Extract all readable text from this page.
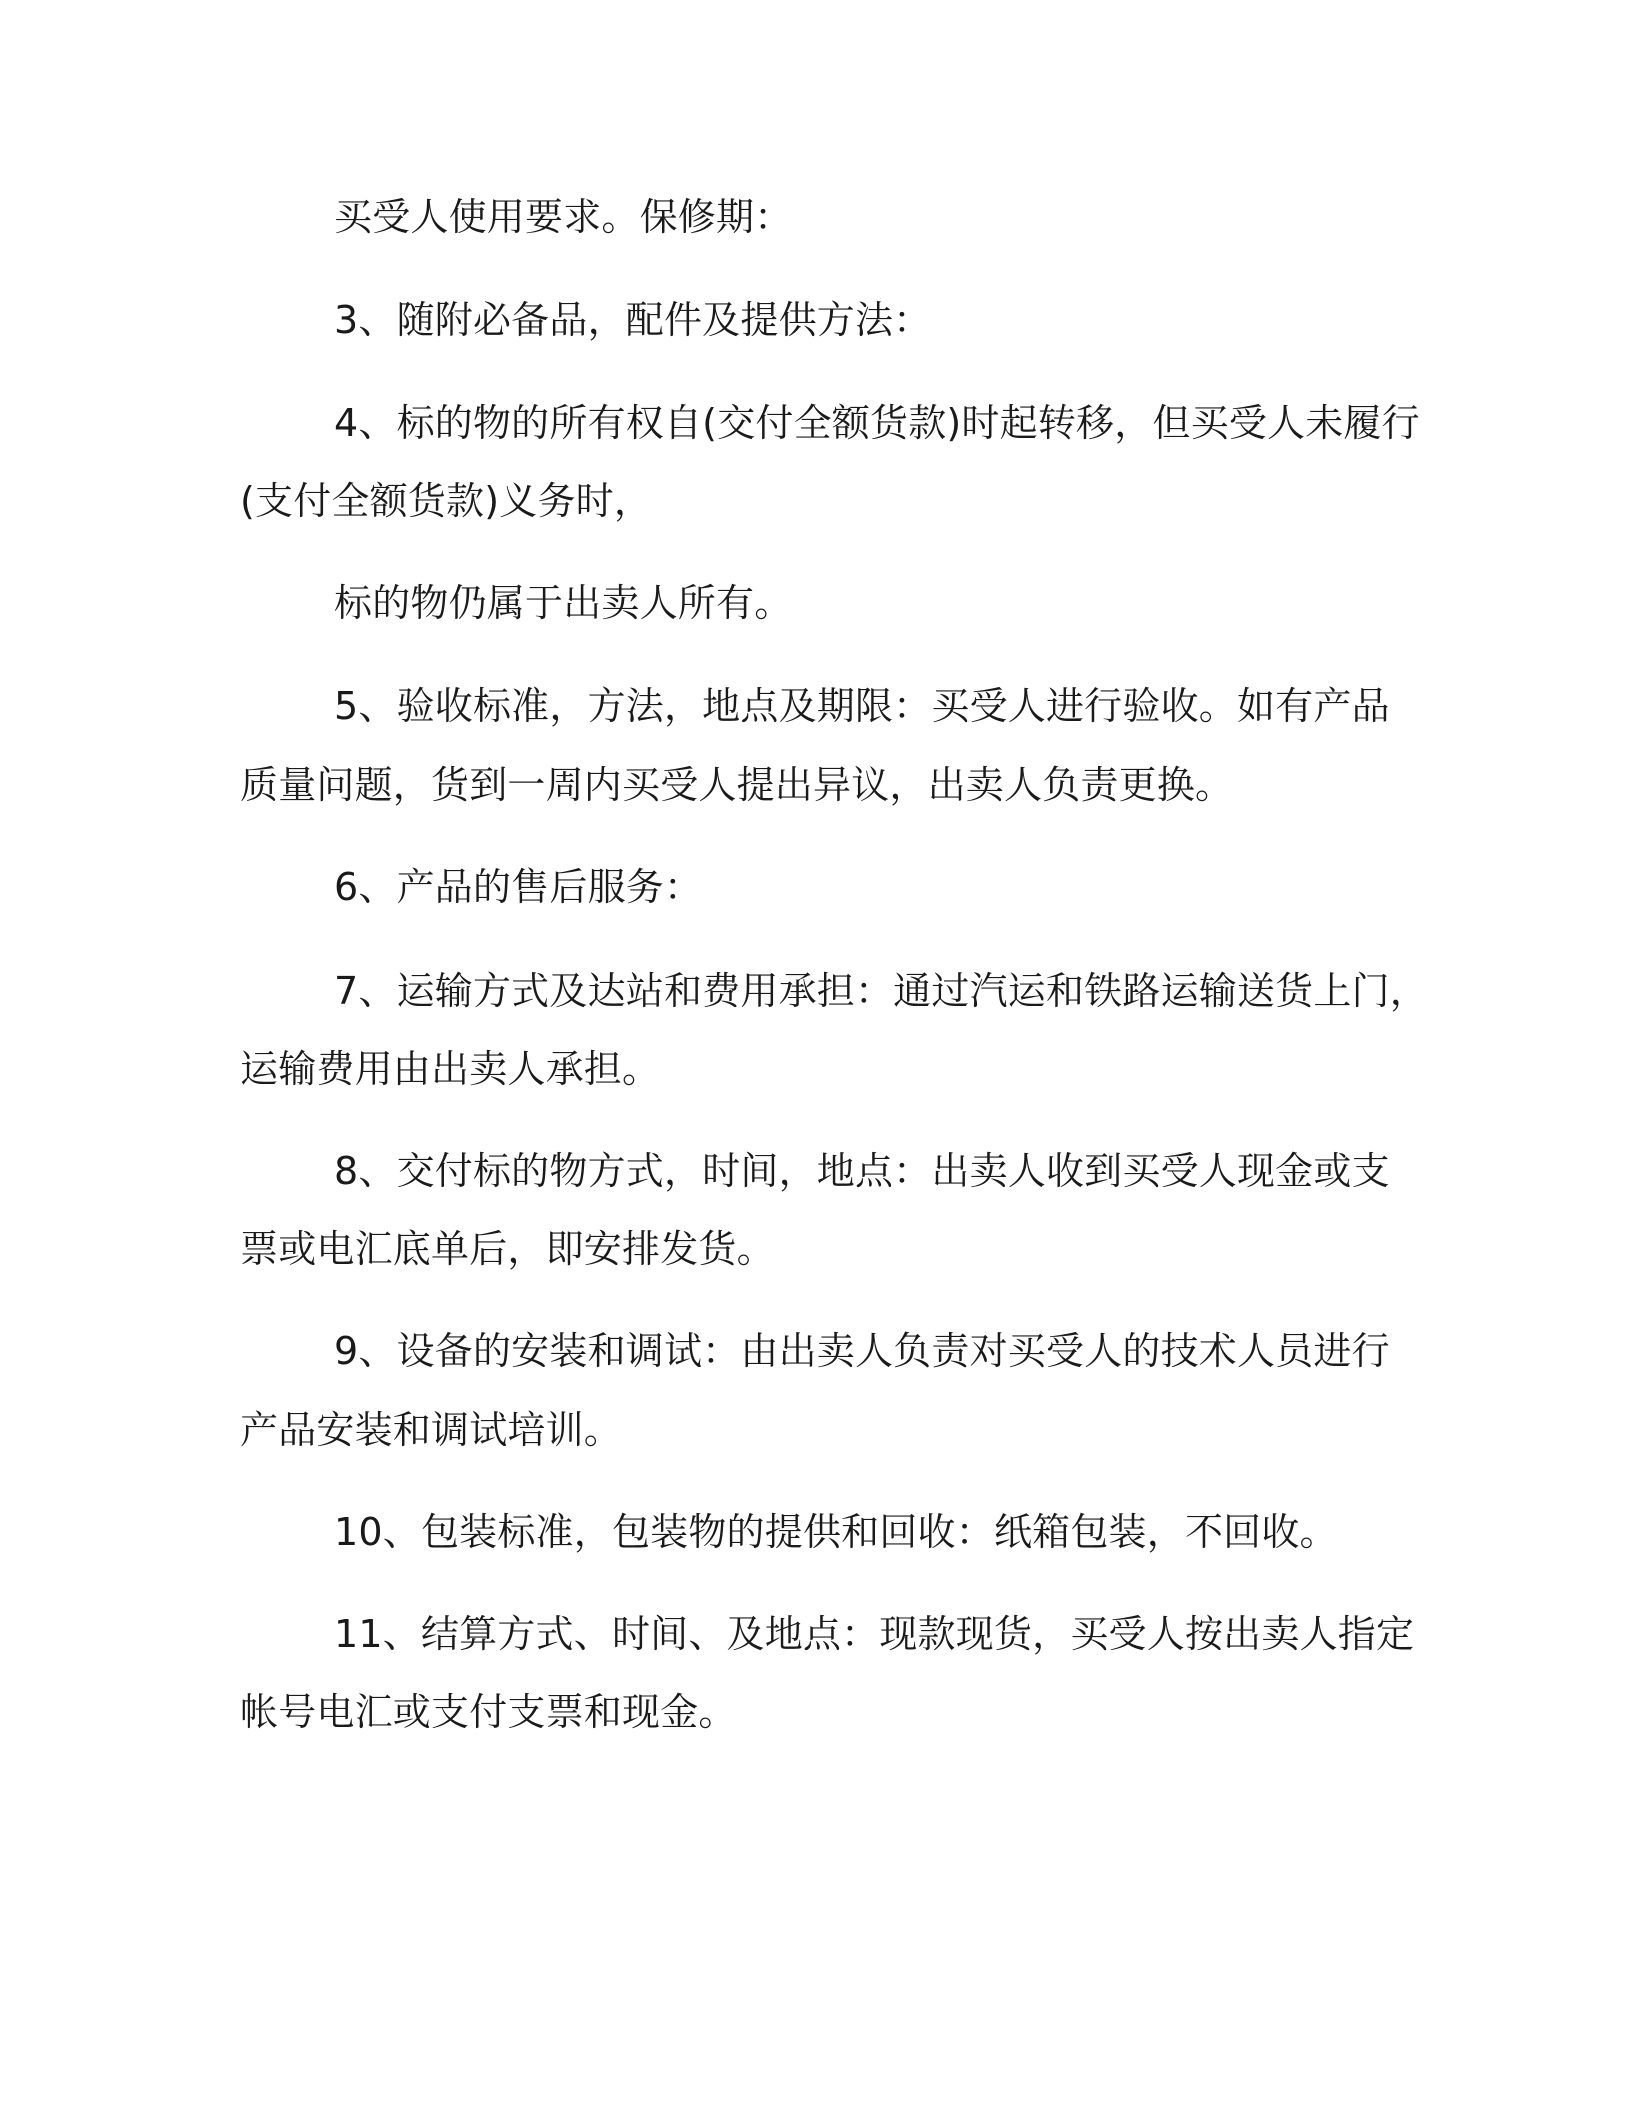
买受人使用要求。保修期：

3、随附必备品，配件及提供方法：

4、标的物的所有权自(交付全额货款)时起转移，但买受人未履行

(支付全额货款)义务时，

标的物仍属于出卖人所有。

5、验收标准，方法，地点及期限：买受人进行验收。如有产品

质量问题，货到一周内买受人提出异议，出卖人负责更换。

6、产品的售后服务：

7、运输方式及达站和费用承担：通过汽运和铁路运输送货上门，

运输费用由出卖人承担。

8、交付标的物方式，时间，地点：出卖人收到买受人现金或支

票或电汇底单后，即安排发货。

9、设备的安装和调试：由出卖人负责对买受人的技术人员进行

产品安装和调试培训。

10、包装标准，包装物的提供和回收：纸箱包装，不回收。

11、结算方式、时间、及地点：现款现货，买受人按出卖人指定

帐号电汇或支付支票和现金。
